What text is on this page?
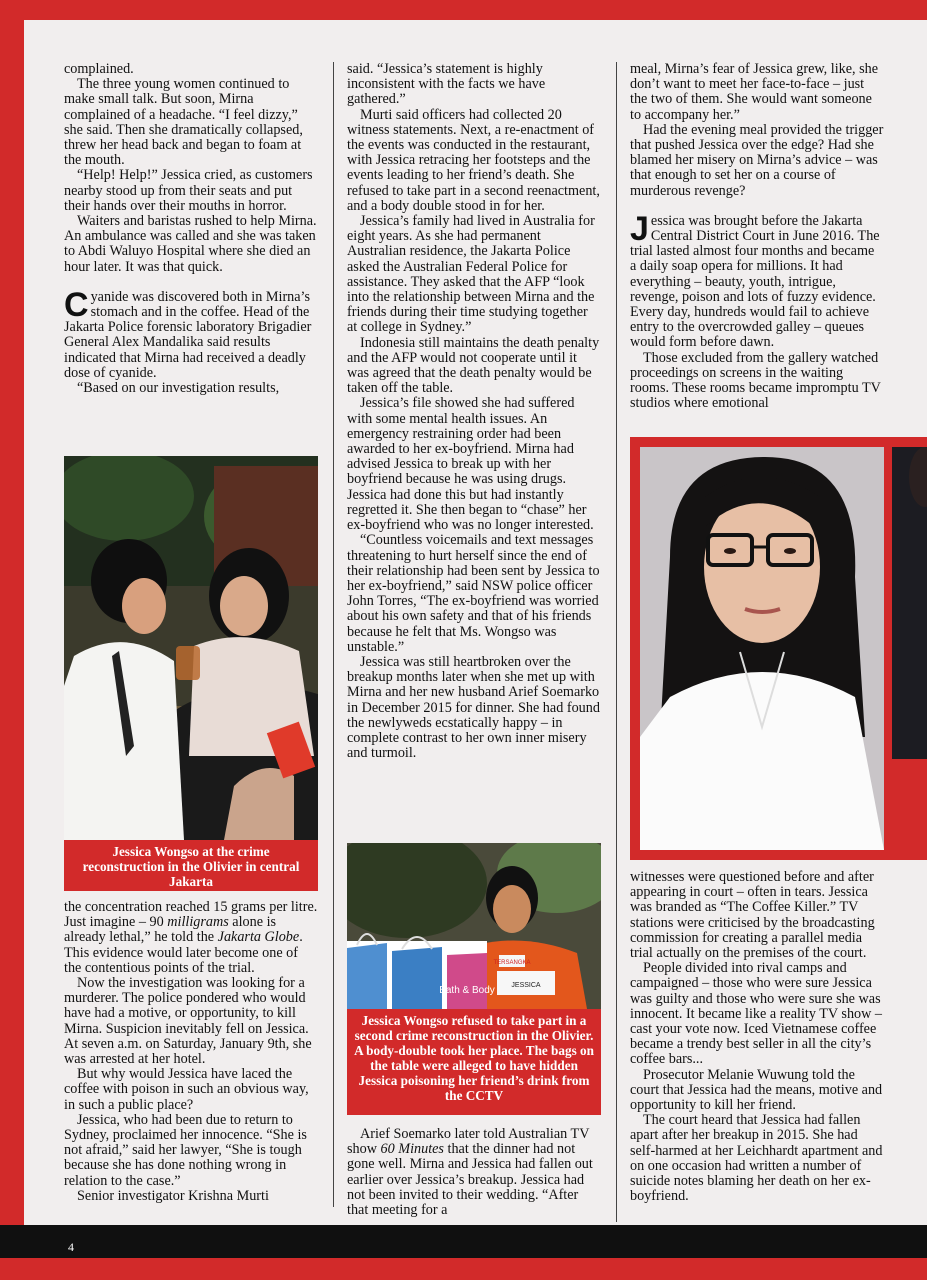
complained.

The three young women continued to make small talk. But soon, Mirna complained of a headache. “I feel dizzy,” she said. Then she dramatically collapsed, threw her head back and began to foam at the mouth.

“Help! Help!” Jessica cried, as customers nearby stood up from their seats and put their hands over their mouths in horror.

Waiters and baristas rushed to help Mirna. An ambulance was called and she was taken to Abdi Waluyo Hospital where she died an hour later. It was that quick.

Cyanide was discovered both in Mirna’s stomach and in the coffee. Head of the Jakarta Police forensic laboratory Brigadier General Alex Mandalika said results indicated that Mirna had received a deadly dose of cyanide.

“Based on our investigation results,

Jessica Wongso at the crime reconstruction in the Olivier in central Jakarta

the concentration reached 15 grams per litre. Just imagine – 90 milligrams alone is already lethal,” he told the Jakarta Globe. This evidence would later become one of the contentious points of the trial.

Now the investigation was looking for a murderer. The police pondered who would have had a motive, or opportunity, to kill Mirna. Suspicion inevitably fell on Jessica. At seven a.m. on Saturday, January 9th, she was arrested at her hotel.

But why would Jessica have laced the coffee with poison in such an obvious way, in such a public place?

Jessica, who had been due to return to Sydney, proclaimed her innocence. “She is not afraid,” said her lawyer, “She is tough because she has done nothing wrong in relation to the case.”

Senior investigator Krishna Murti

said. “Jessica’s statement is highly inconsistent with the facts we have gathered.”

Murti said officers had collected 20 witness statements. Next, a re-enactment of the events was conducted in the restaurant, with Jessica retracing her footsteps and the events leading to her friend’s death. She refused to take part in a second reenactment, and a body double stood in for her.

Jessica’s family had lived in Australia for eight years. As she had permanent Australian residence, the Jakarta Police asked the Australian Federal Police for assistance. They asked that the AFP “look into the relationship between Mirna and the friends during their time studying together at college in Sydney.”

Indonesia still maintains the death penalty and the AFP would not cooperate until it was agreed that the death penalty would be taken off the table.

Jessica’s file showed she had suffered with some mental health issues. An emergency restraining order had been awarded to her ex-boyfriend. Mirna had advised Jessica to break up with her boyfriend because he was using drugs. Jessica had done this but had instantly regretted it. She then began to “chase” her ex-boyfriend who was no longer interested.

“Countless voicemails and text messages threatening to hurt herself since the end of their relationship had been sent by Jessica to her ex-boyfriend,” said NSW police officer John Torres, “The ex-boyfriend was worried about his own safety and that of his friends because he felt that Ms. Wongso was unstable.”

Jessica was still heartbroken over the breakup months later when she met up with Mirna and her new husband Arief Soemarko in December 2015 for dinner. She had found the newlyweds ecstatically happy – in complete contrast to her own inner misery and turmoil.

TERSANGKA
JESSICA
Bath & Body
Jessica Wongso refused to take part in a second crime reconstruction in the Olivier. A body-double took her place. The bags on the table were alleged to have hidden Jessica poisoning her friend’s drink from the CCTV

Arief Soemarko later told Australian TV show 60 Minutes that the dinner had not gone well. Mirna and Jessica had fallen out earlier over Jessica’s breakup. Jessica had not been invited to their wedding. “After that meeting for a

meal, Mirna’s fear of Jessica grew, like, she don’t want to meet her face-to-face – just the two of them. She would want someone to accompany her.”

Had the evening meal provided the trigger that pushed Jessica over the edge? Had she blamed her misery on Mirna’s advice – was that enough to set her on a course of murderous revenge?

Jessica was brought before the Jakarta Central District Court in June 2016. The trial lasted almost four months and became a daily soap opera for millions. It had everything – beauty, youth, intrigue, revenge, poison and lots of fuzzy evidence. Every day, hundreds would fail to achieve entry to the overcrowded galley – queues would form before dawn.

Those excluded from the gallery watched proceedings on screens in the waiting rooms. These rooms became impromptu TV studios where emotional

witnesses were questioned before and after appearing in court – often in tears. Jessica was branded as “The Coffee Killer.” TV stations were criticised by the broadcasting commission for creating a parallel media trial actually on the premises of the court.

People divided into rival camps and campaigned – those who were sure Jessica was guilty and those who were sure she was innocent. It became like a reality TV show – cast your vote now. Iced Vietnamese coffee became a trendy best seller in all the city’s coffee bars...

Prosecutor Melanie Wuwung told the court that Jessica had the means, motive and opportunity to kill her friend.

The court heard that Jessica had fallen apart after her breakup in 2015. She had self-harmed at her Leichhardt apartment and on one occasion had written a number of suicide notes blaming her death on her ex-boyfriend.

4
